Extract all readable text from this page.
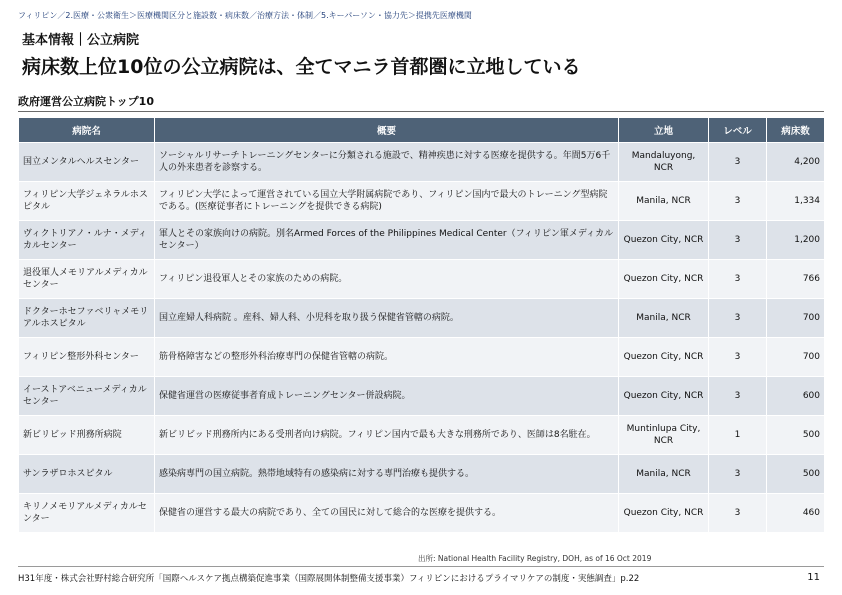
フィリピン／2.医療・公衆衛生＞医療機関区分と施設数・病床数／治療方法・体制／5.キーパーソン・協力先＞提携先医療機関
基本情報｜公立病院
病床数上位10位の公立病院は、全てマニラ首都圏に立地している
政府運営公立病院トップ10
病院名	概要	立地	レベル	病床数
国立メンタルヘルスセンター	ソーシャルリサーチトレーニングセンターに分類される施設で、精神疾患に対する医療を提供する。年間5万6千人の外来患者を診察する。	Mandaluyong, NCR	3	4,200
フィリピン大学ジェネラルホスピタル	フィリピン大学によって運営されている国立大学附属病院であり、フィリピン国内で最大のトレーニング型病院である。(医療従事者にトレーニングを提供できる病院)	Manila, NCR	3	1,334
ヴィクトリアノ・ルナ・メディカルセンター	軍人とその家族向けの病院。別名Armed Forces of the Philippines Medical Center（フィリピン軍メディカルセンター）	Quezon City, NCR	3	1,200
退役軍人メモリアルメディカルセンター	フィリピン退役軍人とその家族のための病院。	Quezon City, NCR	3	766
ドクターホセファベリャメモリアルホスピタル	国立産婦人科病院 。産科、婦人科、小児科を取り扱う保健省管轄の病院。	Manila, NCR	3	700
フィリピン整形外科センター	筋骨格障害などの整形外科治療専門の保健省管轄の病院。	Quezon City, NCR	3	700
イーストアベニューメディカルセンター	保健省運営の医療従事者育成トレーニングセンター併設病院。	Quezon City, NCR	3	600
新ビリビッド刑務所病院	新ビリビッド刑務所内にある受刑者向け病院。フィリピン国内で最も大きな刑務所であり、医師は8名駐在。	Muntinlupa City, NCR	1	500
サンラザロホスピタル	感染病専門の国立病院。熱帯地域特有の感染病に対する専門治療も提供する。	Manila, NCR	3	500
キリノメモリアルメディカルセンター	保健省の運営する最大の病院であり、全ての国民に対して総合的な医療を提供する。	Quezon City, NCR	3	460
出所: National Health Facility Registry, DOH, as of 16 Oct 2019
H31年度・株式会社野村総合研究所「国際ヘルスケア拠点構築促進事業（国際展開体制整備支援事業）フィリピンにおけるプライマリケアの制度・実態調査」p.22	11
